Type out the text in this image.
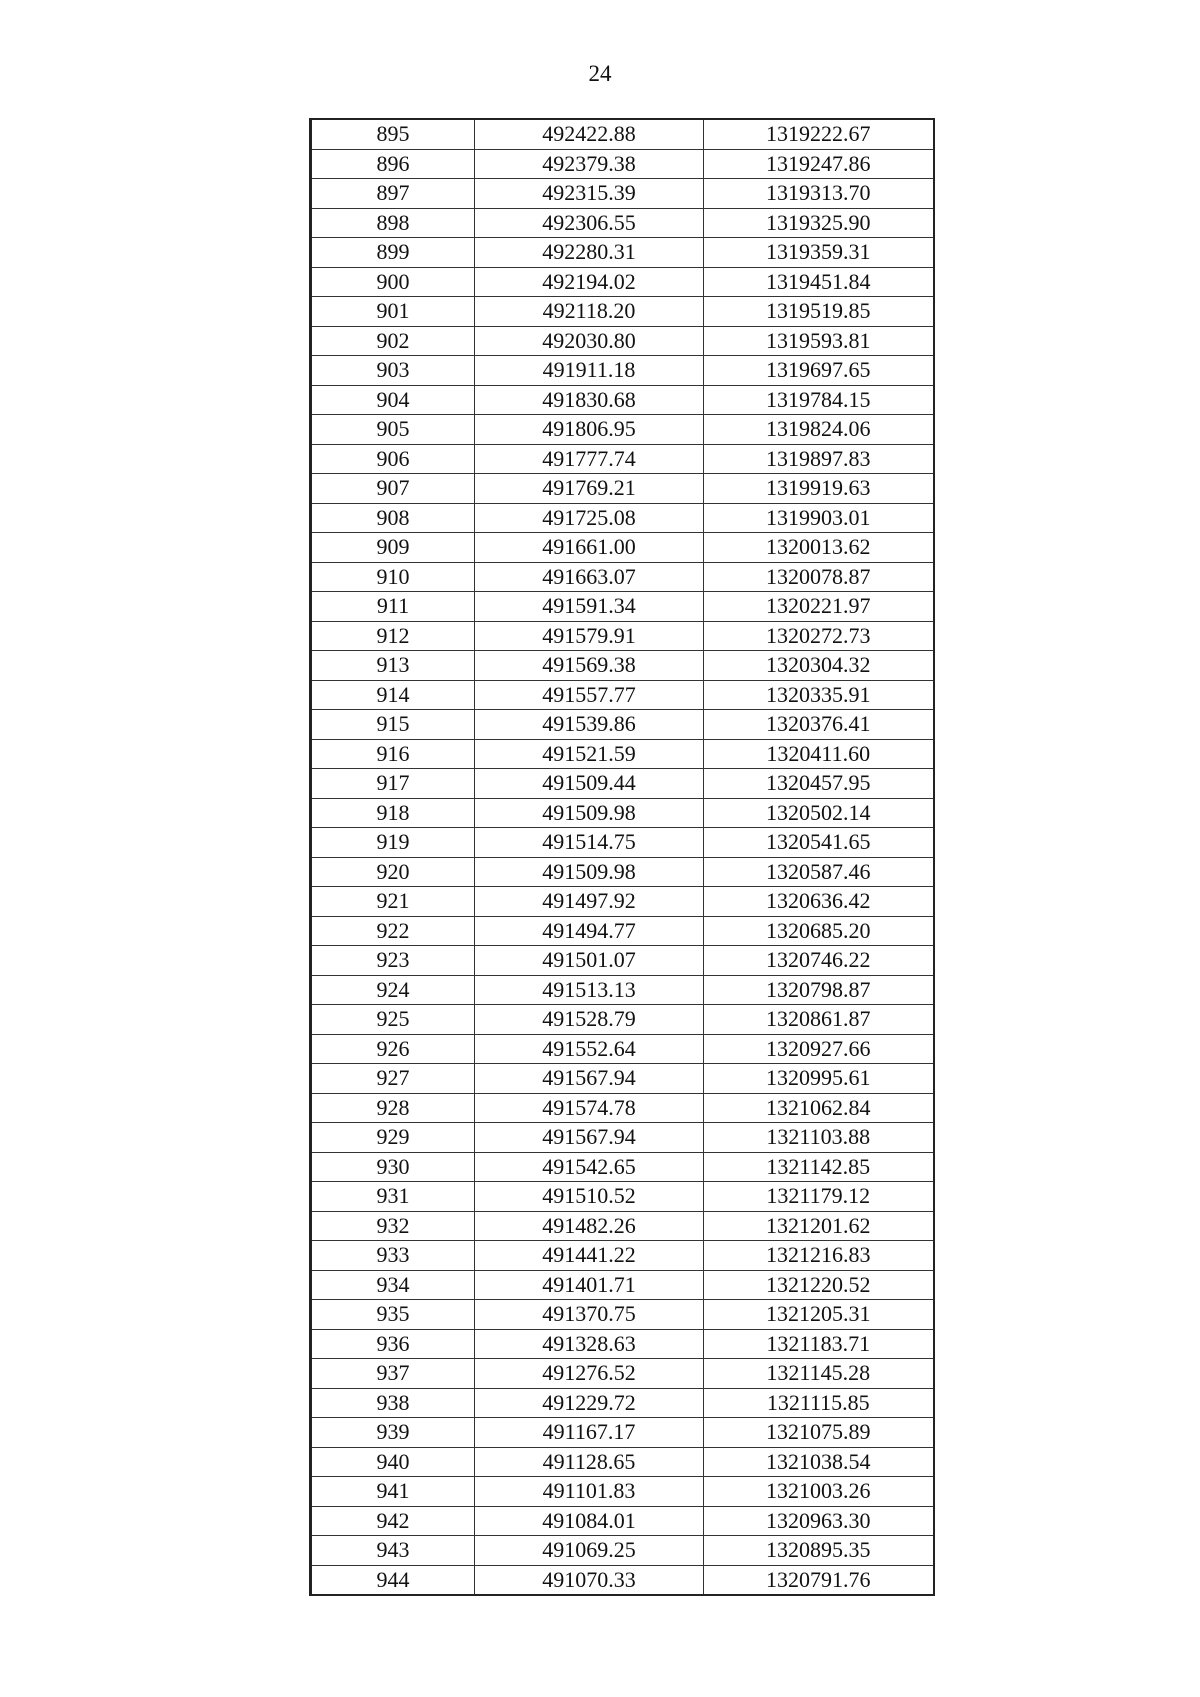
24
895	492422.88	1319222.67
896	492379.38	1319247.86
897	492315.39	1319313.70
898	492306.55	1319325.90
899	492280.31	1319359.31
900	492194.02	1319451.84
901	492118.20	1319519.85
902	492030.80	1319593.81
903	491911.18	1319697.65
904	491830.68	1319784.15
905	491806.95	1319824.06
906	491777.74	1319897.83
907	491769.21	1319919.63
908	491725.08	1319903.01
909	491661.00	1320013.62
910	491663.07	1320078.87
911	491591.34	1320221.97
912	491579.91	1320272.73
913	491569.38	1320304.32
914	491557.77	1320335.91
915	491539.86	1320376.41
916	491521.59	1320411.60
917	491509.44	1320457.95
918	491509.98	1320502.14
919	491514.75	1320541.65
920	491509.98	1320587.46
921	491497.92	1320636.42
922	491494.77	1320685.20
923	491501.07	1320746.22
924	491513.13	1320798.87
925	491528.79	1320861.87
926	491552.64	1320927.66
927	491567.94	1320995.61
928	491574.78	1321062.84
929	491567.94	1321103.88
930	491542.65	1321142.85
931	491510.52	1321179.12
932	491482.26	1321201.62
933	491441.22	1321216.83
934	491401.71	1321220.52
935	491370.75	1321205.31
936	491328.63	1321183.71
937	491276.52	1321145.28
938	491229.72	1321115.85
939	491167.17	1321075.89
940	491128.65	1321038.54
941	491101.83	1321003.26
942	491084.01	1320963.30
943	491069.25	1320895.35
944	491070.33	1320791.76
